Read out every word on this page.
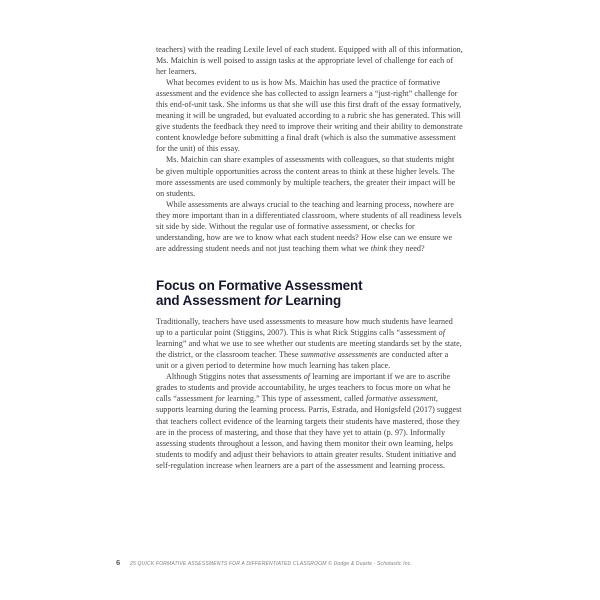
teachers) with the reading Lexile level of each student. Equipped with all of this information, Ms. Maichin is well poised to assign tasks at the appropriate level of challenge for each of her learners.

What becomes evident to us is how Ms. Maichin has used the practice of formative assessment and the evidence she has collected to assign learners a “just-right” challenge for this end-of-unit task. She informs us that she will use this first draft of the essay formatively, meaning it will be ungraded, but evaluated according to a rubric she has generated. This will give students the feedback they need to improve their writing and their ability to demonstrate content knowledge before submitting a final draft (which is also the summative assessment for the unit) of this essay.

Ms. Maichin can share examples of assessments with colleagues, so that students might be given multiple opportunities across the content areas to think at these higher levels. The more assessments are used commonly by multiple teachers, the greater their impact will be on students.

While assessments are always crucial to the teaching and learning process, nowhere are they more important than in a differentiated classroom, where students of all readiness levels sit side by side. Without the regular use of formative assessment, or checks for understanding, how are we to know what each student needs? How else can we ensure we are addressing student needs and not just teaching them what we think they need?

Focus on Formative Assessment
and Assessment for Learning

Traditionally, teachers have used assessments to measure how much students have learned up to a particular point (Stiggins, 2007). This is what Rick Stiggins calls “assessment of learning” and what we use to see whether our students are meeting standards set by the state, the district, or the classroom teacher. These summative assessments are conducted after a unit or a given period to determine how much learning has taken place.

Although Stiggins notes that assessments of learning are important if we are to ascribe grades to students and provide accountability, he urges teachers to focus more on what he calls “assessment for learning.” This type of assessment, called formative assessment, supports learning during the learning process. Parris, Estrada, and Honigsfeld (2017) suggest that teachers collect evidence of the learning targets their students have mastered, those they are in the process of mastering, and those that they have yet to attain (p. 97). Informally assessing students throughout a lesson, and having them monitor their own learning, helps students to modify and adjust their behaviors to attain greater results. Student initiative and self-regulation increase when learners are a part of the assessment and learning process.

6	25 QUICK FORMATIVE ASSESSMENTS FOR A DIFFERENTIATED CLASSROOM © Dodge & Duarte · Scholastic Inc.
